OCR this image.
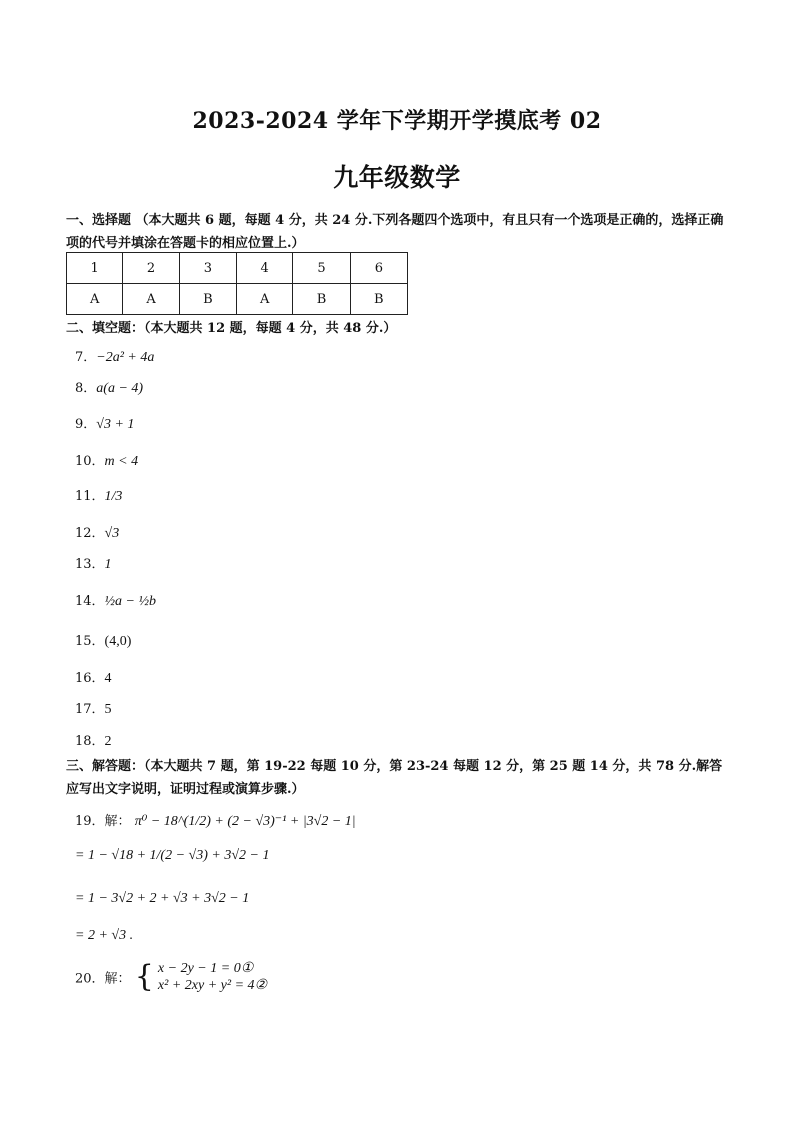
2023-2024 学年下学期开学摸底考 02
九年级数学
一、选择题 （本大题共 6 题，每题 4 分，共 24 分.下列各题四个选项中，有且只有一个选项是正确的，选择正确项的代号并填涂在答题卡的相应位置上.）
1	2	3	4	5	6
A	A	B	A	B	B
二、填空题：（本大题共 12 题，每题 4 分，共 48 分.）
7．−2a² + 4a
8．a(a − 4)
9．√3 + 1
10．m < 4
11．1/3
12．√3
13．1
14．½a − ½b
15．(4,0)
16．4
17．5
18．2
三、解答题：（本大题共 7 题，第 19-22 每题 10 分，第 23-24 每题 12 分，第 25 题 14 分，共 78 分.解答应写出文字说明，证明过程或演算步骤.）
19．解： π⁰ − 18^(1/2) + (2 − √3)⁻¹ + |3√2 − 1|
= 1 − √18 + 1/(2 − √3) + 3√2 − 1
= 1 − 3√2 + 2 + √3 + 3√2 − 1
= 2 + √3 .
20．解： { x − 2y − 1 = 0①
x² + 2xy + y² = 4②
